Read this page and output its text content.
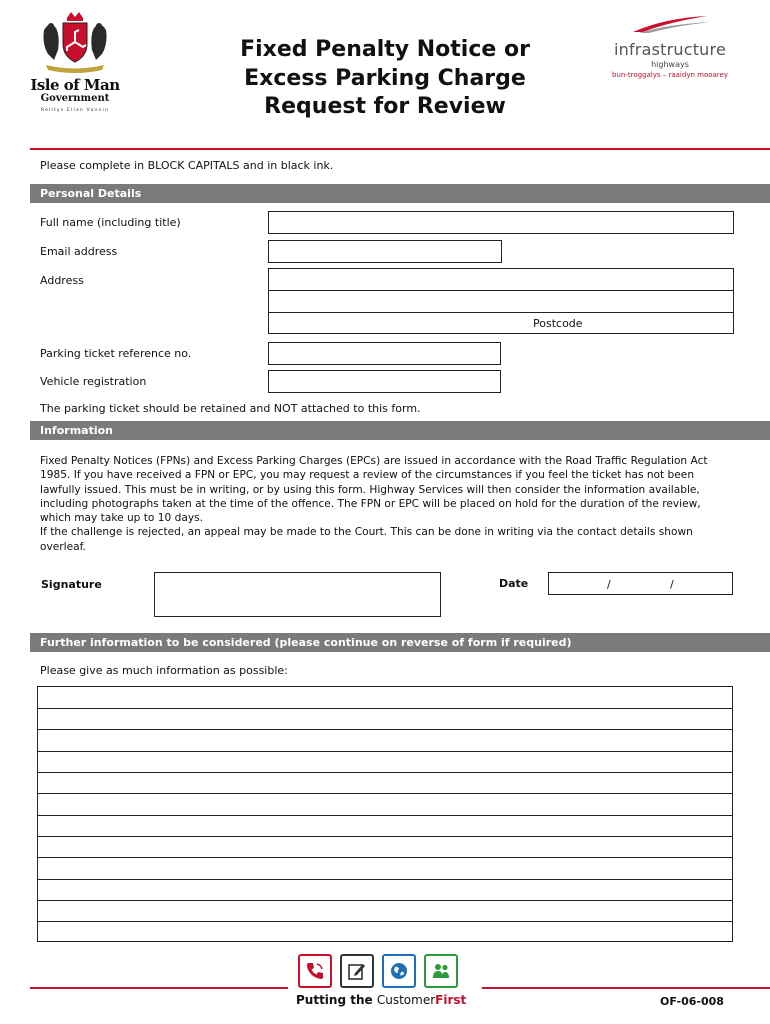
Isle of Man
Government
Reiltys Ellan Vannin
Fixed Penalty Notice or
Excess Parking Charge
Request for Review
infrastructure
highways
bun-troggalys – raaidyn mooarey
Please complete in BLOCK CAPITALS and in black ink.
Personal Details
Full name (including title)
Email address
Address
Postcode
Parking ticket reference no.
Vehicle registration
The parking ticket should be retained and NOT attached to this form.
Information

Fixed Penalty Notices (FPNs) and Excess Parking Charges (EPCs) are issued in accordance with the Road Traffic Regulation Act 1985. If you have received a FPN or EPC, you may request a review of the circumstances if you feel the ticket has not been lawfully issued. This must be in writing, or by using this form. Highway Services will then consider the information available, including photographs taken at the time of the offence. The FPN or EPC will be placed on hold for the duration of the review, which may take up to 10 days.

If the challenge is rejected, an appeal may be made to the Court. This can be done in writing via the contact details shown overleaf.

Signature	Date	/	/
Further information to be considered (please continue on reverse of form if required)
Please give as much information as possible:
Putting the CustomerFirst	OF-06-008
